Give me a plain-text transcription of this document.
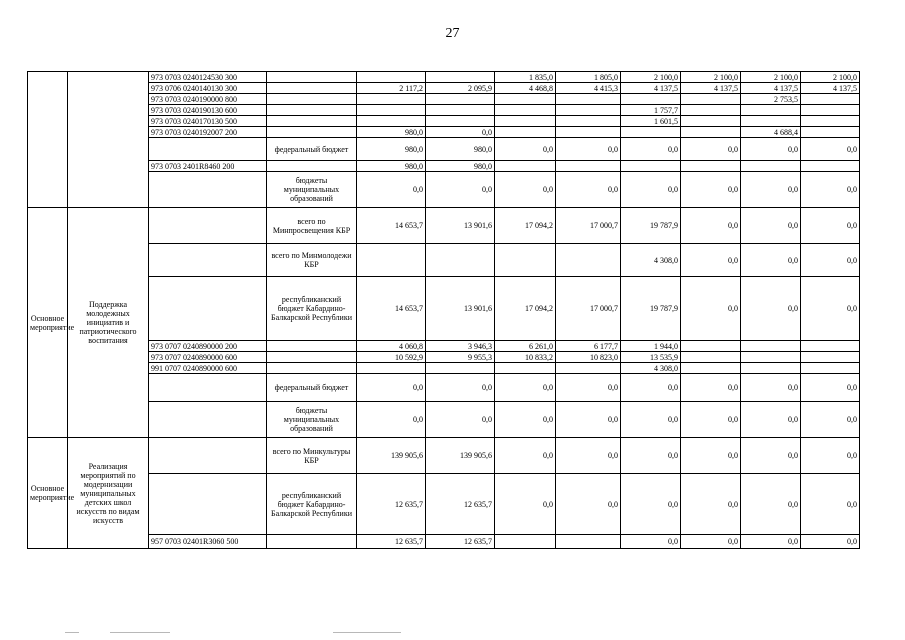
27
		973 0703 0240124530 300				1 835,0	1 805,0	2 100,0	2 100,0	2 100,0	2 100,0
		973 0706 0240140130 300		2 117,2	2 095,9	4 468,8	4 415,3	4 137,5	4 137,5	4 137,5	4 137,5
		973 0703 0240190000 800								2 753,5	
		973 0703 0240190130 600						1 757,7			
		973 0703 0240170130 500						1 601,5			
		973 0703 0240192007 200		980,0	0,0					4 688,4	
			федеральный бюджет	980,0	980,0	0,0	0,0	0,0	0,0	0,0	0,0
		973 0703 2401R8460 200		980,0	980,0						
			бюджеты муниципальных образований	0,0	0,0	0,0	0,0	0,0	0,0	0,0	0,0
Основное мероприятие	Поддержка молодежных инициатив и патриотического воспитания		всего по Минпросвещения КБР	14 653,7	13 901,6	17 094,2	17 000,7	19 787,9	0,0	0,0	0,0
			всего по Минмолодежи КБР					4 308,0	0,0	0,0	0,0
			республиканский бюджет Кабардино-Балкарской Республики	14 653,7	13 901,6	17 094,2	17 000,7	19 787,9	0,0	0,0	0,0
		973 0707 0240890000 200		4 060,8	3 946,3	6 261,0	6 177,7	1 944,0			
		973 0707 0240890000 600		10 592,9	9 955,3	10 833,2	10 823,0	13 535,9			
		991 0707 0240890000 600						4 308,0			
			федеральный бюджет	0,0	0,0	0,0	0,0	0,0	0,0	0,0	0,0
			бюджеты муниципальных образований	0,0	0,0	0,0	0,0	0,0	0,0	0,0	0,0
Основное мероприятие	Реализация мероприятий по модернизации муниципальных детских школ искусств по видам искусств		всего по Минкультуры КБР	139 905,6	139 905,6	0,0	0,0	0,0	0,0	0,0	0,0
			республиканский бюджет Кабардино-Балкарской Республики	12 635,7	12 635,7	0,0	0,0	0,0	0,0	0,0	0,0
		957 0703 02401R3060 500		12 635,7	12 635,7			0,0	0,0	0,0	0,0
